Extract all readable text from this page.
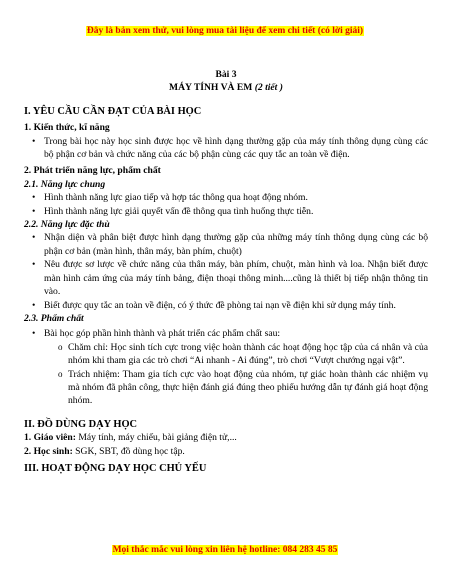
Đây là bản xem thử, vui lòng mua tài liệu để xem chi tiết (có lời giải)
Bài 3
MÁY TÍNH VÀ EM (2 tiết )
I. YÊU CẦU CẦN ĐẠT CỦA BÀI HỌC
1. Kiến thức, kĩ năng
• Trong bài học này học sinh được học về hình dạng thường gặp của máy tính thông dụng cùng các bộ phận cơ bản và chức năng của các bộ phận cùng các quy tắc an toàn về điện.
2. Phát triển năng lực, phẩm chất
2.1. Năng lực chung
• Hình thành năng lực giao tiếp và hợp tác thông qua hoạt động nhóm.
• Hình thành năng lực giải quyết vấn đề thông qua tình huống thực tiễn.
2.2. Năng lực đặc thù
• Nhận diện và phân biệt được hình dạng thường gặp của những máy tính thông dụng cùng các bộ phận cơ bản (màn hình, thân máy, bàn phím, chuột)
• Nêu được sơ lược về chức năng của thân máy, bàn phím, chuột, màn hình và loa. Nhận biết được màn hình cảm ứng của máy tính bảng, điện thoại thông minh....cũng là thiết bị tiếp nhận thông tin vào.
• Biết được quy tắc an toàn về điện, có ý thức đề phòng tai nạn về điện khi sử dụng máy tính.
2.3. Phẩm chất
• Bài học góp phần hình thành và phát triển các phẩm chất sau:
o Chăm chỉ: Học sinh tích cực trong việc hoàn thành các hoạt động học tập của cá nhân và của nhóm khi tham gia các trò chơi “Ai nhanh - Ai đúng”, trò chơi “Vượt chướng ngại vật”.
o Trách nhiệm: Tham gia tích cực vào hoạt động của nhóm, tự giác hoàn thành các nhiệm vụ mà nhóm đã phân công, thực hiện đánh giá đúng theo phiếu hướng dẫn tự đánh giá hoạt động nhóm.
II. ĐỒ DÙNG DẠY HỌC

1. Giáo viên: Máy tính, máy chiếu, bài giảng điện tử,...

2. Học sinh: SGK, SBT, đồ dùng học tập.

III. HOẠT ĐỘNG DẠY HỌC CHỦ YẾU
Mọi thắc mắc vui lòng xin liên hệ hotline: 084 283 45 85
